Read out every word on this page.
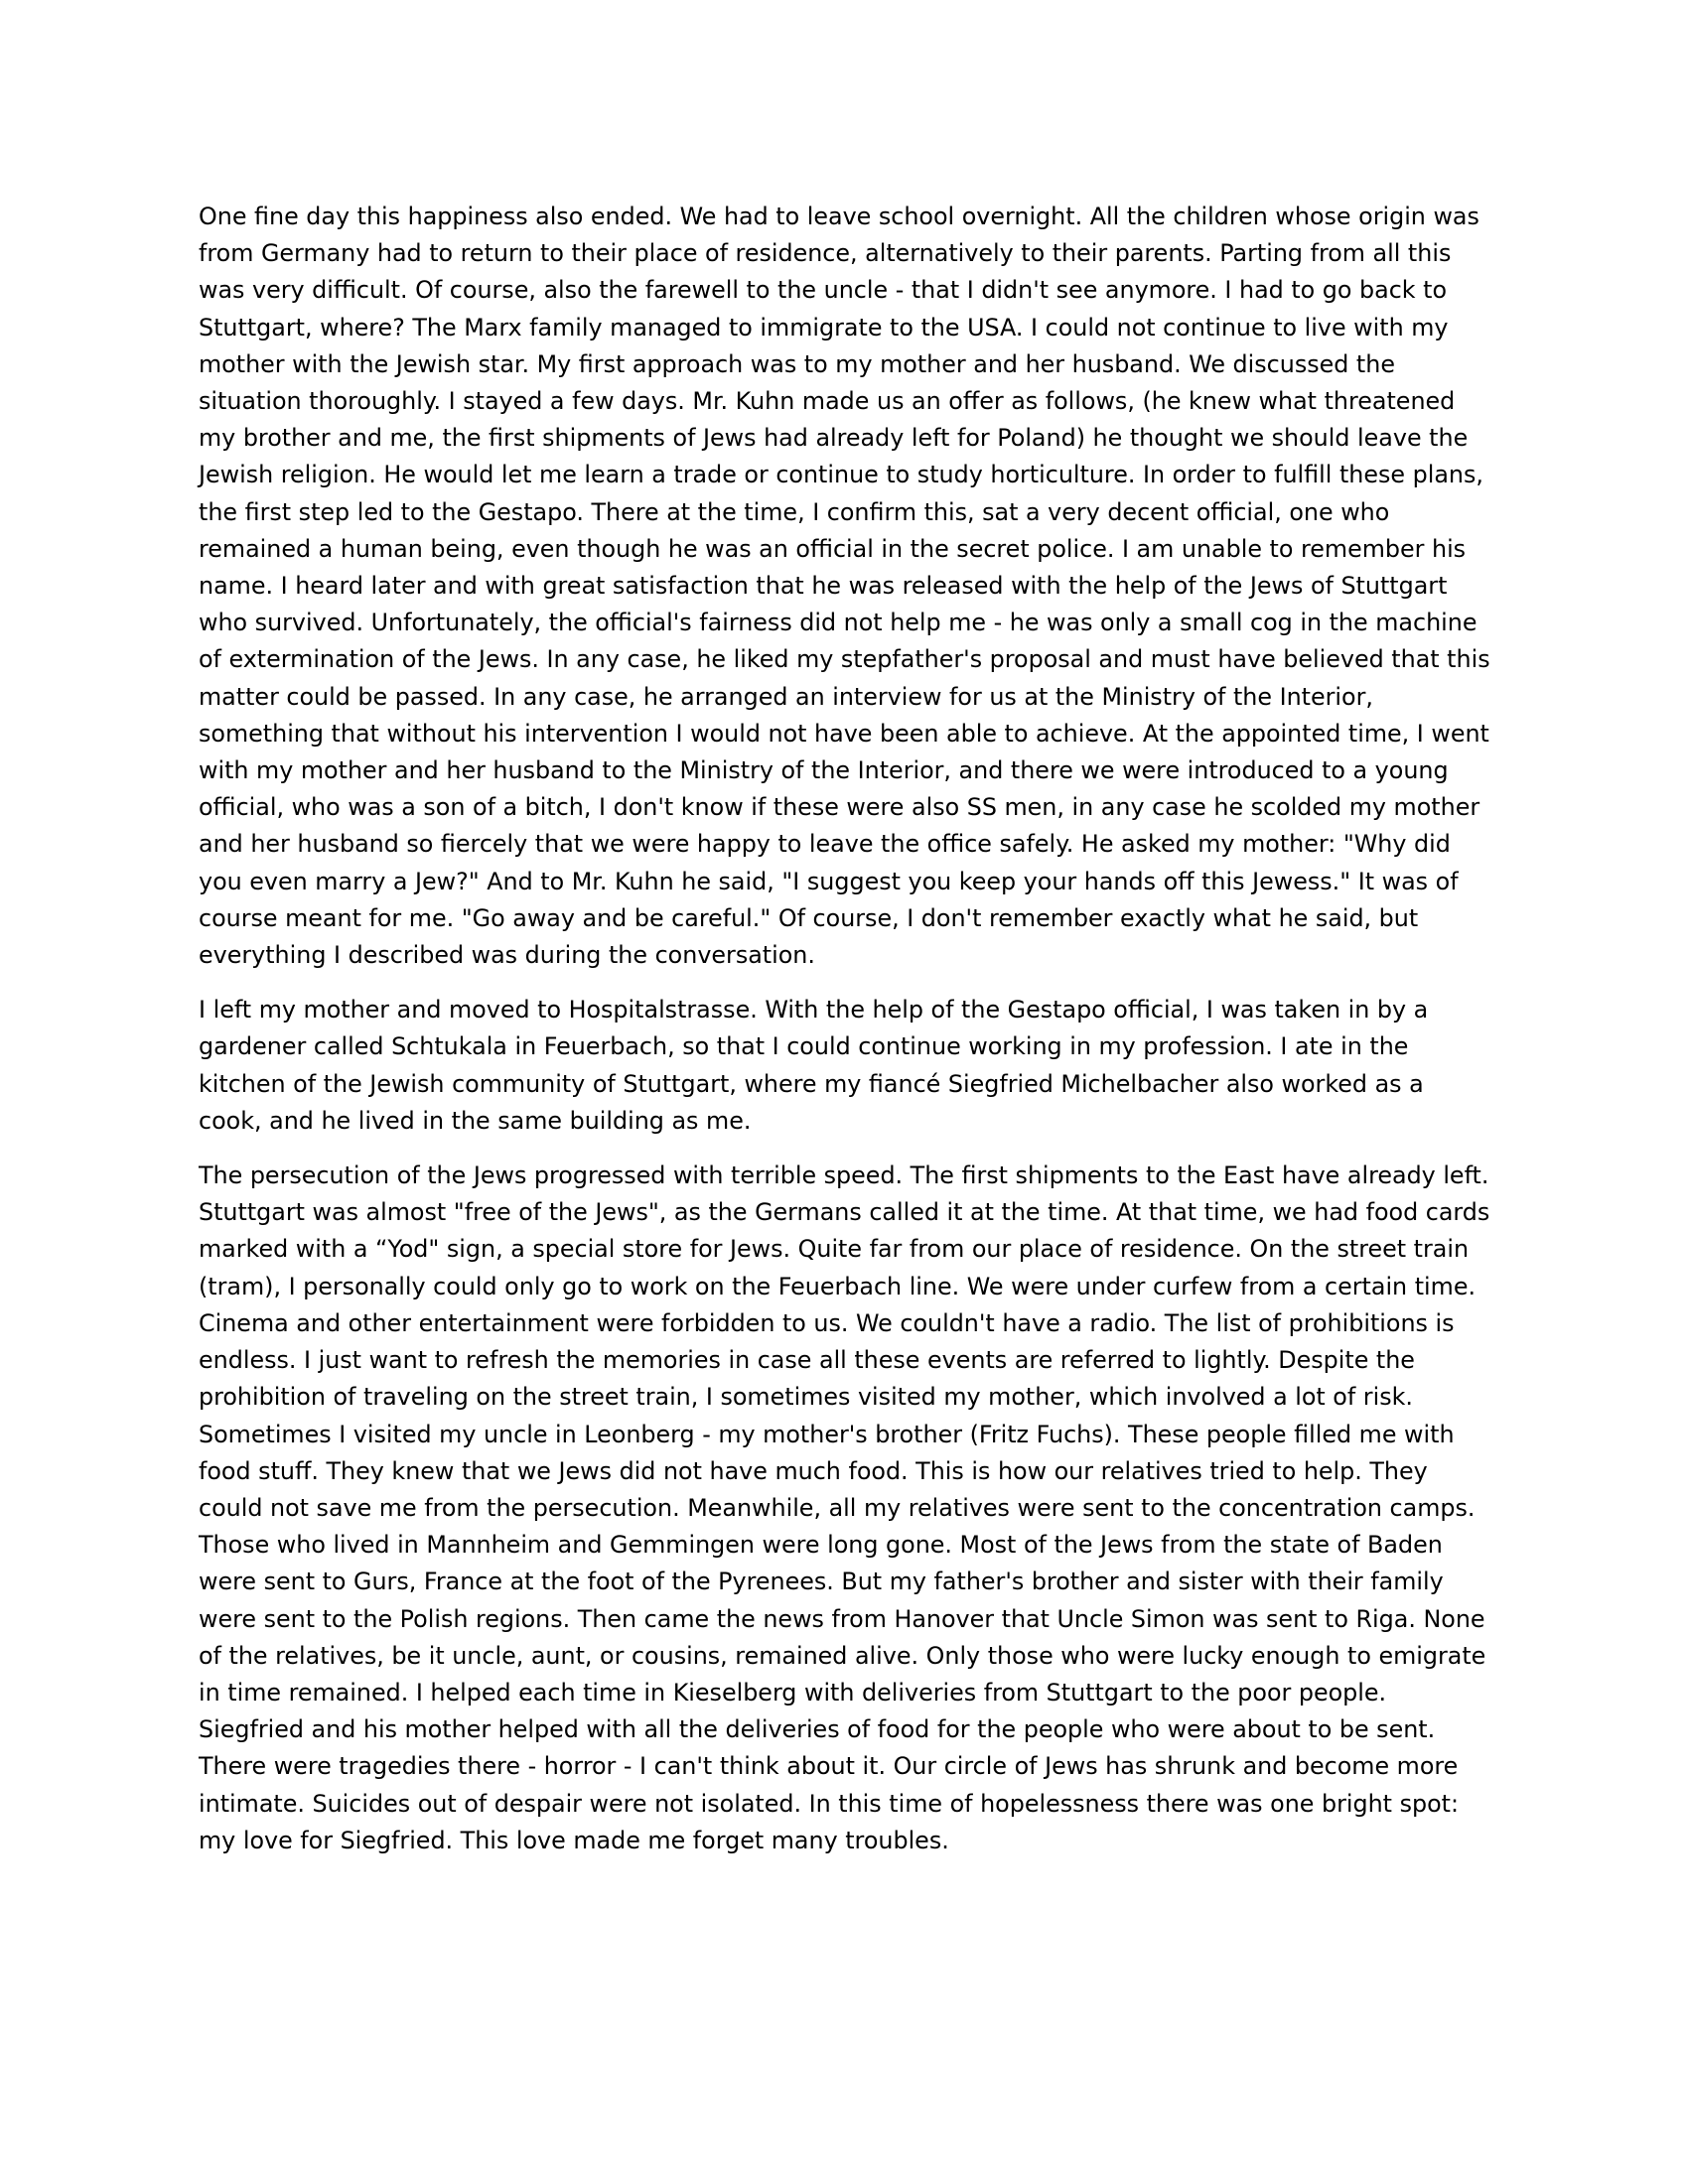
One fine day this happiness also ended. We had to leave school overnight. All the children whose origin was from Germany had to return to their place of residence, alternatively to their parents. Parting from all this was very difficult. Of course, also the farewell to the uncle - that I didn't see anymore. I had to go back to Stuttgart, where? The Marx family managed to immigrate to the USA. I could not continue to live with my mother with the Jewish star. My first approach was to my mother and her husband. We discussed the situation thoroughly. I stayed a few days. Mr. Kuhn made us an offer as follows, (he knew what threatened my brother and me, the first shipments of Jews had already left for Poland) he thought we should leave the Jewish religion. He would let me learn a trade or continue to study horticulture. In order to fulfill these plans, the first step led to the Gestapo. There at the time, I confirm this, sat a very decent official, one who remained a human being, even though he was an official in the secret police. I am unable to remember his name. I heard later and with great satisfaction that he was released with the help of the Jews of Stuttgart who survived. Unfortunately, the official's fairness did not help me - he was only a small cog in the machine of extermination of the Jews. In any case, he liked my stepfather's proposal and must have believed that this matter could be passed. In any case, he arranged an interview for us at the Ministry of the Interior, something that without his intervention I would not have been able to achieve. At the appointed time, I went with my mother and her husband to the Ministry of the Interior, and there we were introduced to a young official, who was a son of a bitch, I don't know if these were also SS men, in any case he scolded my mother and her husband so fiercely that we were happy to leave the office safely. He asked my mother: "Why did you even marry a Jew?" And to Mr. Kuhn he said, "I suggest you keep your hands off this Jewess." It was of course meant for me. "Go away and be careful." Of course, I don't remember exactly what he said, but everything I described was during the conversation.

I left my mother and moved to Hospitalstrasse. With the help of the Gestapo official, I was taken in by a gardener called Schtukala in Feuerbach, so that I could continue working in my profession. I ate in the kitchen of the Jewish community of Stuttgart, where my fiancé Siegfried Michelbacher also worked as a cook, and he lived in the same building as me.

The persecution of the Jews progressed with terrible speed. The first shipments to the East have already left. Stuttgart was almost "free of the Jews", as the Germans called it at the time. At that time, we had food cards marked with a “Yod" sign, a special store for Jews. Quite far from our place of residence. On the street train (tram), I personally could only go to work on the Feuerbach line. We were under curfew from a certain time. Cinema and other entertainment were forbidden to us. We couldn't have a radio. The list of prohibitions is endless. I just want to refresh the memories in case all these events are referred to lightly. Despite the prohibition of traveling on the street train, I sometimes visited my mother, which involved a lot of risk. Sometimes I visited my uncle in Leonberg - my mother's brother (Fritz Fuchs). These people filled me with food stuff. They knew that we Jews did not have much food. This is how our relatives tried to help. They could not save me from the persecution. Meanwhile, all my relatives were sent to the concentration camps. Those who lived in Mannheim and Gemmingen were long gone. Most of the Jews from the state of Baden were sent to Gurs, France at the foot of the Pyrenees. But my father's brother and sister with their family were sent to the Polish regions. Then came the news from Hanover that Uncle Simon was sent to Riga. None of the relatives, be it uncle, aunt, or cousins, remained alive. Only those who were lucky enough to emigrate in time remained. I helped each time in Kieselberg with deliveries from Stuttgart to the poor people. Siegfried and his mother helped with all the deliveries of food for the people who were about to be sent. There were tragedies there - horror - I can't think about it. Our circle of Jews has shrunk and become more intimate. Suicides out of despair were not isolated. In this time of hopelessness there was one bright spot: my love for Siegfried. This love made me forget many troubles.
